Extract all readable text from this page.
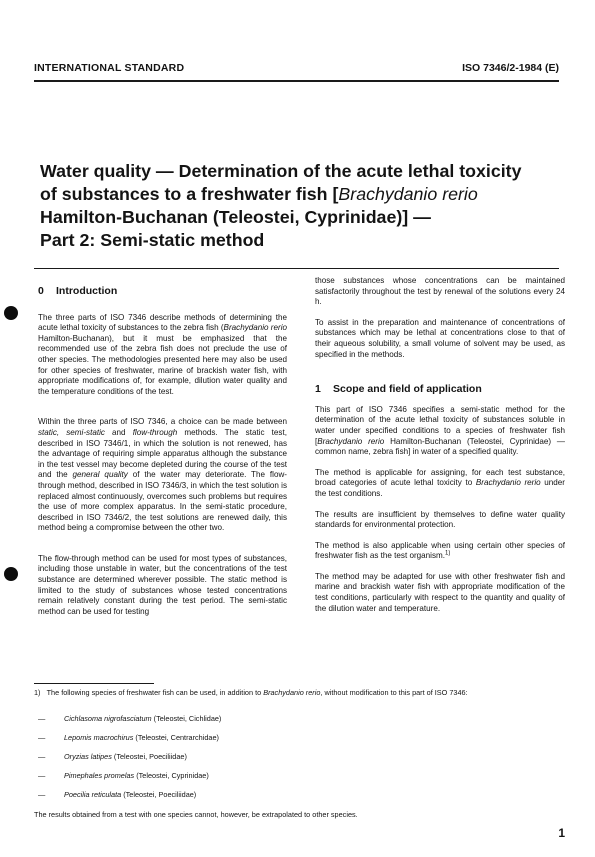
INTERNATIONAL STANDARD	ISO 7346/2-1984 (E)
Water quality — Determination of the acute lethal toxicity
of substances to a freshwater fish [Brachydanio rerio
Hamilton-Buchanan (Teleostei, Cyprinidae)] —
Part 2: Semi-static method
0 Introduction

The three parts of ISO 7346 describe methods of determining the acute lethal toxicity of substances to the zebra fish (Brachydanio rerio Hamilton-Buchanan), but it must be emphasized that the recommended use of the zebra fish does not preclude the use of other species. The methodologies presented here may also be used for other species of freshwater, marine of brackish water fish, with appropriate modifications of, for example, dilution water quality and the temperature conditions of the test.

Within the three parts of ISO 7346, a choice can be made between static, semi-static and flow-through methods. The static test, described in ISO 7346/1, in which the solution is not renewed, has the advantage of requiring simple apparatus although the substance in the test vessel may become depleted during the course of the test and the general quality of the water may deteriorate. The flow-through method, described in ISO 7346/3, in which the test solution is replaced almost continuously, overcomes such problems but requires the use of more complex apparatus. In the semi-static procedure, described in ISO 7346/2, the test solutions are renewed daily, this method being a compromise between the other two.

The flow-through method can be used for most types of substances, including those unstable in water, but the concentrations of the test substance are determined wherever possible. The static method is limited to the study of substances whose tested concentrations remain relatively constant during the test period. The semi-static method can be used for testing

those substances whose concentrations can be maintained satisfactorily throughout the test by renewal of the solutions every 24 h.

To assist in the preparation and maintenance of concentrations of substances which may be lethal at concentrations close to that of their aqueous solubility, a small volume of solvent may be used, as specified in the methods.

1 Scope and field of application

This part of ISO 7346 specifies a semi-static method for the determination of the acute lethal toxicity of substances soluble in water under specified conditions to a species of freshwater fish [Brachydanio rerio Hamilton-Buchanan (Teleostei, Cyprinidae) — common name, zebra fish] in water of a specified quality.

The method is applicable for assigning, for each test substance, broad categories of acute lethal toxicity to Brachydanio rerio under the test conditions.

The results are insufficient by themselves to define water quality standards for environmental protection.

The method is also applicable when using certain other species of freshwater fish as the test organism.$^{1)}$

The method may be adapted for use with other freshwater fish and marine and brackish water fish with appropriate modification of the test conditions, particularly with respect to the quantity and quality of the dilution water and temperature.

1) The following species of freshwater fish can be used, in addition to Brachydanio rerio, without modification to this part of ISO 7346:

—	Cichlasoma nigrofasciatum (Teleostei, Cichlidae)
—	Lepomis macrochirus (Teleostei, Centrarchidae)
—	Oryzias latipes (Teleostei, Poeciliidae)
—	Pimephales promelas (Teleostei, Cyprinidae)
—	Poecilia reticulata (Teleostei, Poeciliidae)
The results obtained from a test with one species cannot, however, be extrapolated to other species.
1
